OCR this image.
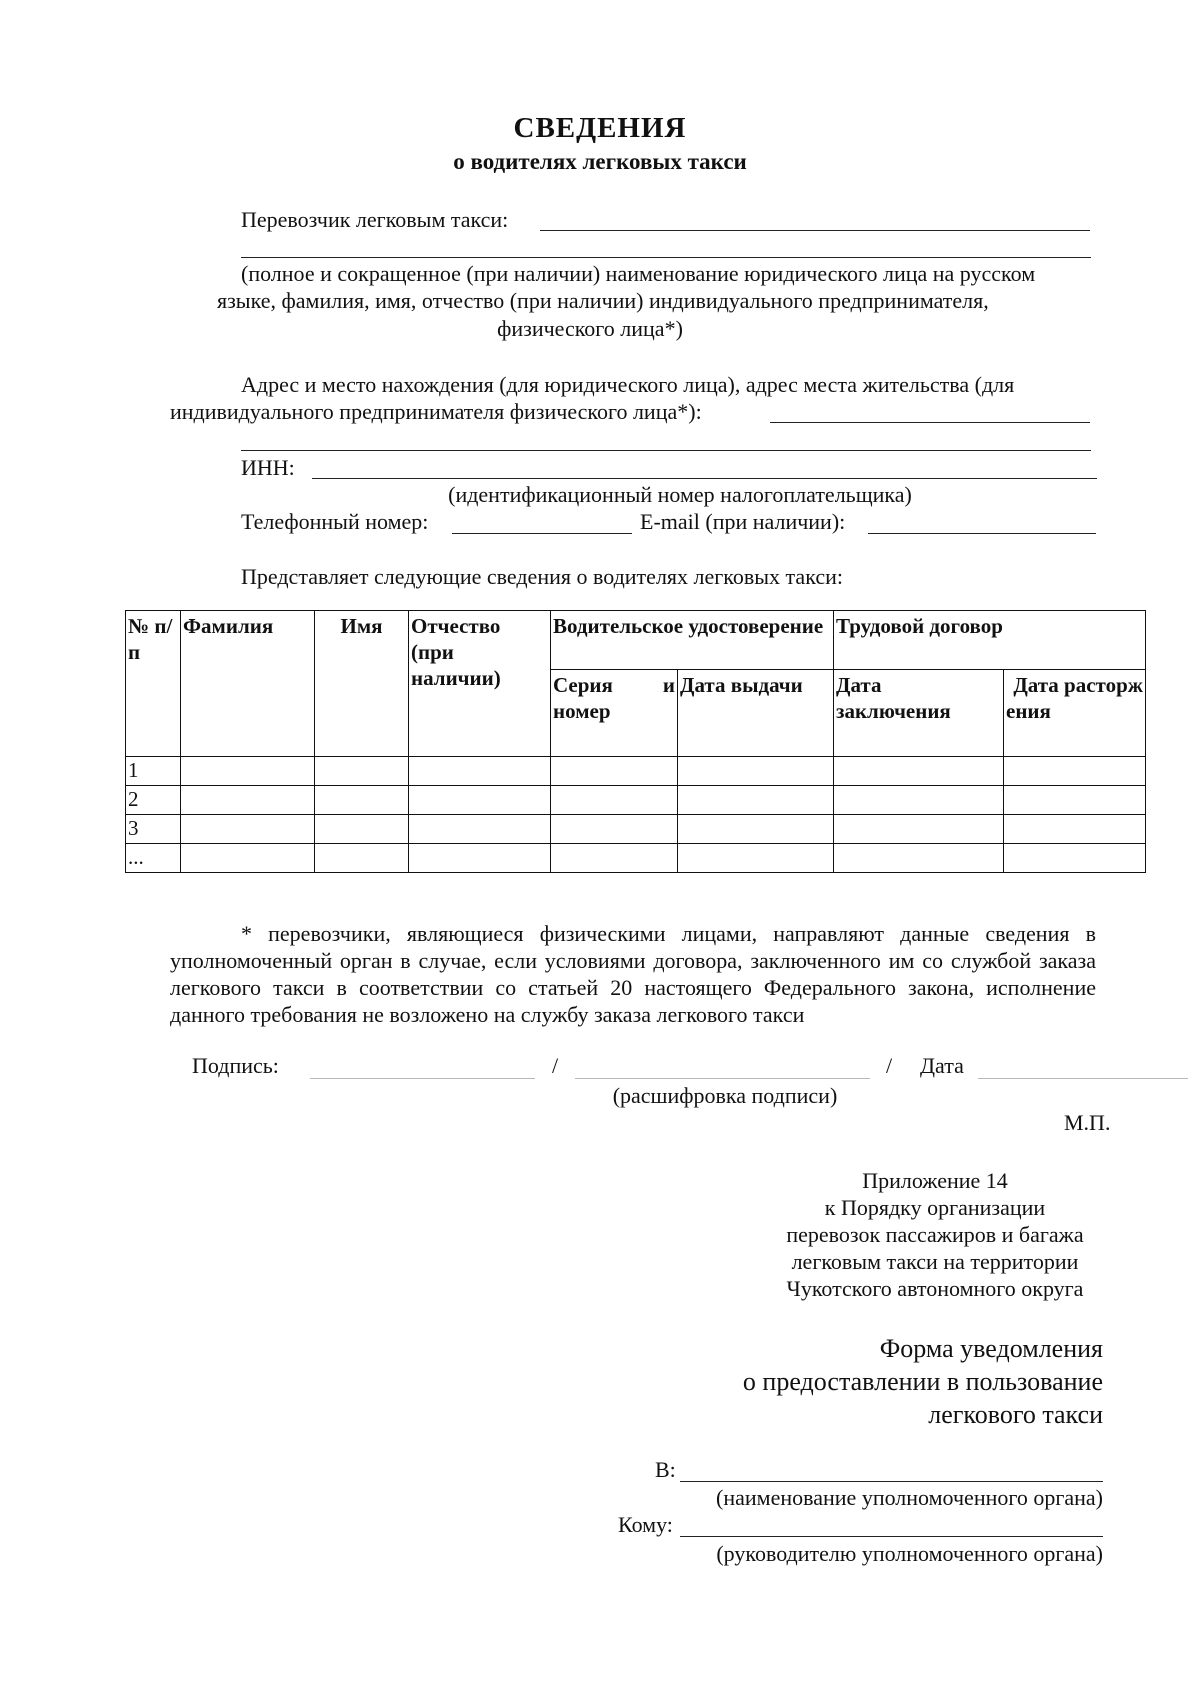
СВЕДЕНИЯ
о водителях легковых такси
Перевозчик легковым такси:
(полное и сокращенное (при наличии) наименование юридического лица на русском
языке, фамилия, имя, отчество (при наличии) индивидуального предпринимателя,
физического лица*)
Адрес и место нахождения (для юридического лица), адрес места жительства (для
индивидуального предпринимателя физического лица*):
ИНН:
(идентификационный номер налогоплательщика)
Телефонный номер:	E-mail (при наличии):
Представляет следующие сведения о водителях легковых такси:
№ п/п	Фамилия	Имя	Отчество (при наличии)	Водительское удостоверение		Трудовой договор	
				Серия и номер	Дата выдачи	Дата заключения	Дата расторжения
1							
2							
3							
...							
* перевозчики, являющиеся физическими лицами, направляют данные сведения в уполномоченный орган в случае, если условиями договора, заключенного им со службой заказа легкового такси в соответствии со статьей 20 настоящего Федерального закона, исполнение данного требования не возложено на службу заказа легкового такси
Подпись:	/	/ Дата
(расшифровка подписи)
М.П.
Приложение 14
к Порядку организации
перевозок пассажиров и багажа
легковым такси на территории
Чукотского автономного округа
Форма уведомления
о предоставлении в пользование
легкового такси
В:
(наименование уполномоченного органа)
Кому:
(руководителю уполномоченного органа)
